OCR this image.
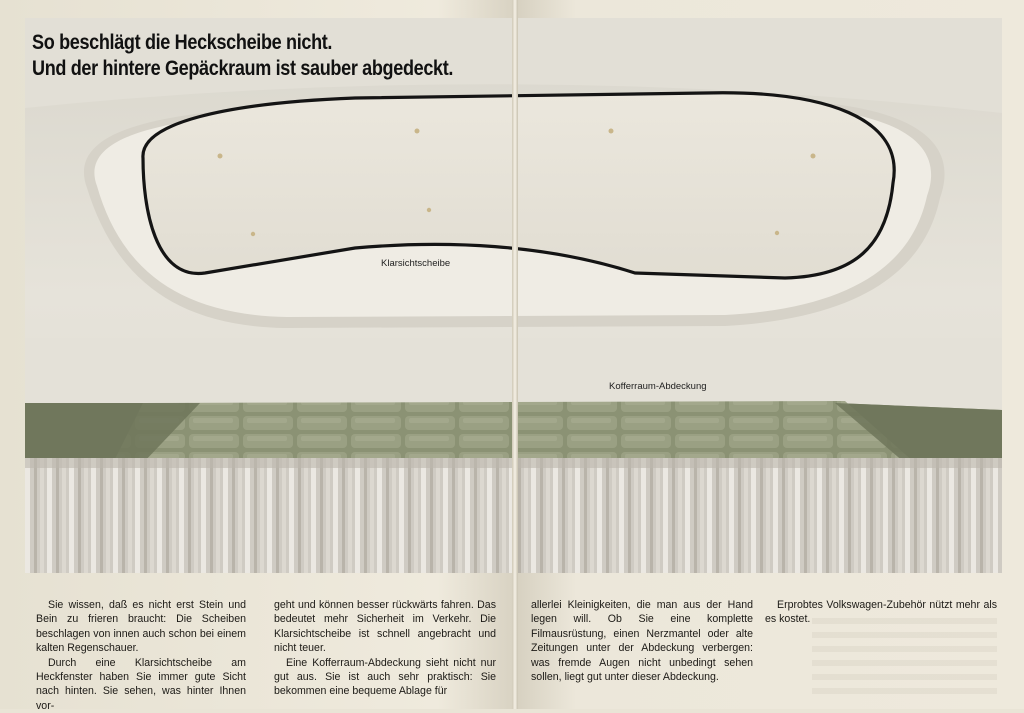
So beschlägt die Heckscheibe nicht.
Und der hintere Gepäckraum ist sauber abgedeckt.
Klarsichtscheibe
Kofferraum-Abdeckung

Sie wissen, daß es nicht erst Stein und Bein zu frieren braucht: Die Scheiben beschlagen von innen auch schon bei einem kalten Regenschauer.

Durch eine Klarsichtscheibe am Heckfenster haben Sie immer gute Sicht nach hinten. Sie sehen, was hinter Ihnen vor-

geht und können besser rückwärts fahren. Das bedeutet mehr Sicherheit im Verkehr. Die Klarsichtscheibe ist schnell angebracht und nicht teuer.

Eine Kofferraum-Abdeckung sieht nicht nur gut aus. Sie ist auch sehr praktisch: Sie bekommen eine bequeme Ablage für

allerlei Kleinigkeiten, die man aus der Hand legen will. Ob Sie eine komplette Filmausrüstung, einen Nerzmantel oder alte Zeitungen unter der Abdeckung verbergen: was fremde Augen nicht unbedingt sehen sollen, liegt gut unter dieser Abdeckung.

Erprobtes Volkswagen-Zubehör nützt mehr als es kostet.
